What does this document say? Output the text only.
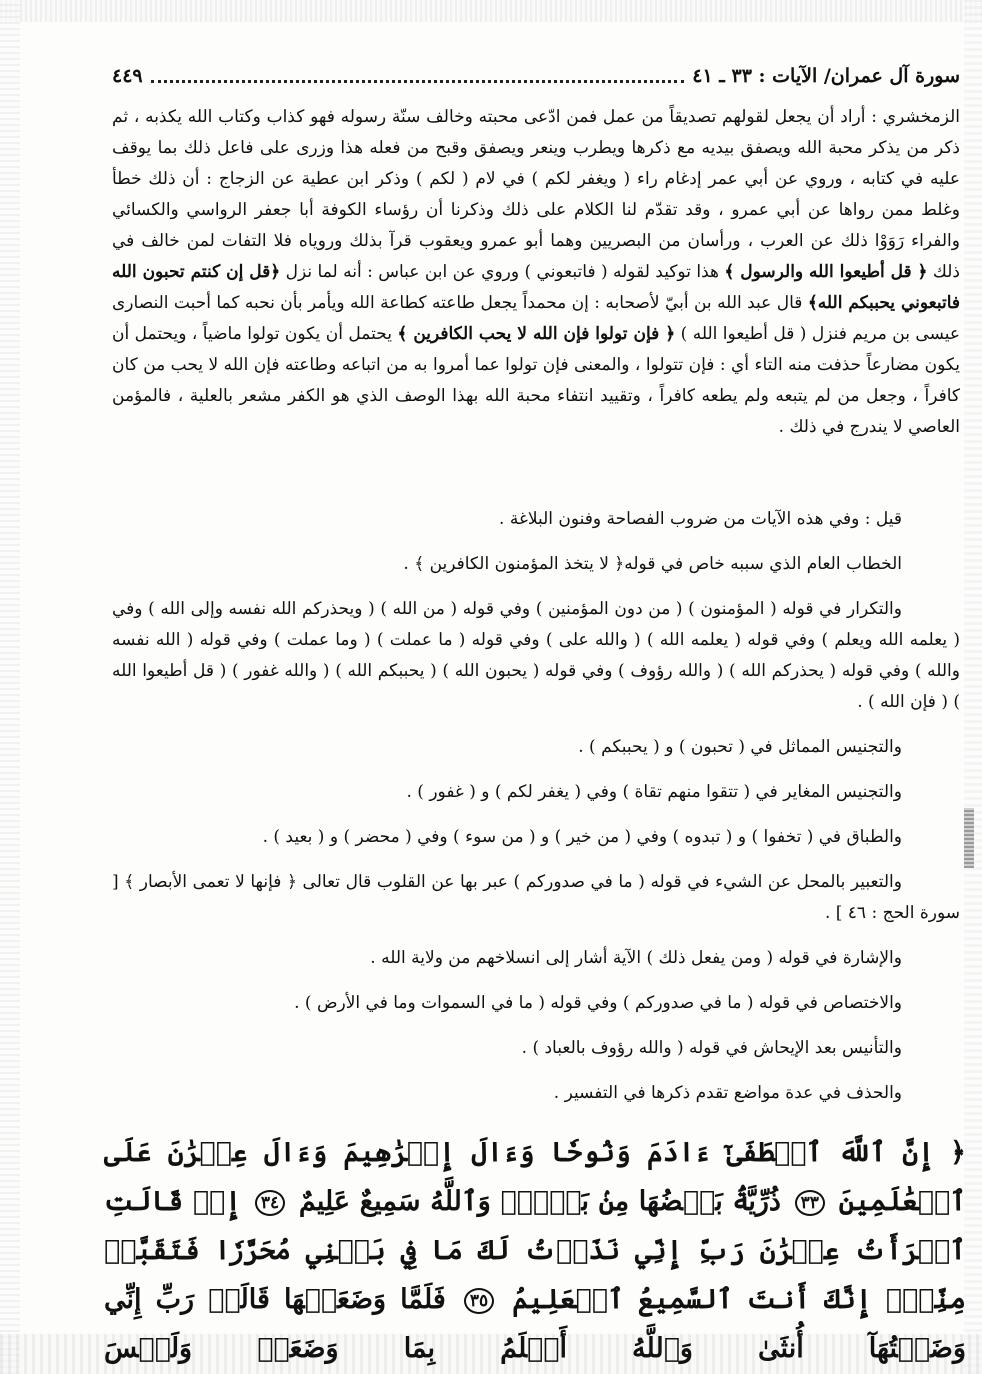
سورة آل عمران/ الآيات : ٣٣ ـ ٤١
٤٤٩

الزمخشري : أراد أن يجعل لقولهم تصديقاً من عمل فمن ادّعى محبته وخالف سنّة رسوله فهو كذاب وكتاب الله يكذبه ، ثم ذكر من يذكر محبة الله ويصفق بيديه مع ذكرها ويطرب وينعر ويصفق وقبح من فعله هذا وزرى على فاعل ذلك بما يوقف عليه في كتابه ، وروي عن أبي عمر إدغام راء ( ويغفر لكم ) في لام ( لكم ) وذكر ابن عطية عن الزجاج : أن ذلك خطأ وغلط ممن رواها عن أبي عمرو ، وقد تقدّم لنا الكلام على ذلك وذكرنا أن رؤساء الكوفة أبا جعفر الرواسي والكسائي والفراء رَوَوْا ذلك عن العرب ، ورأسان من البصريين وهما أبو عمرو ويعقوب قرآ بذلك وروياه فلا التفات لمن خالف في ذلك ﴿ قل أطيعوا الله والرسول ﴾ هذا توكيد لقوله ( فاتبعوني ) وروي عن ابن عباس : أنه لما نزل ﴿قل إن كنتم تحبون الله فاتبعوني يحببكم الله﴾ قال عبد الله بن أبيّ لأصحابه : إن محمداً يجعل طاعته كطاعة الله ويأمر بأن نحبه كما أحبت النصارى عيسى بن مريم فنزل ( قل أطيعوا الله ) ﴿ فإن تولوا فإن الله لا يحب الكافرين ﴾ يحتمل أن يكون تولوا ماضياً ، ويحتمل أن يكون مضارعاً حذفت منه التاء أي : فإن تتولوا ، والمعنى فإن تولوا عما أمروا به من اتباعه وطاعته فإن الله لا يحب من كان كافراً ، وجعل من لم يتبعه ولم يطعه كافراً ، وتقييد انتفاء محبة الله بهذا الوصف الذي هو الكفر مشعر بالعلية ، فالمؤمن العاصي لا يندرج في ذلك .

قيل : وفي هذه الآيات من ضروب الفصاحة وفنون البلاغة .

الخطاب العام الذي سببه خاص في قوله﴿ لا يتخذ المؤمنون الكافرين ﴾ .

والتكرار في قوله ( المؤمنون ) ( من دون المؤمنين ) وفي قوله ( من الله ) ( ويحذركم الله نفسه وإلى الله ) وفي ( يعلمه الله ويعلم ) وفي قوله ( يعلمه الله ) ( والله على ) وفي قوله ( ما عملت ) ( وما عملت ) وفي قوله ( الله نفسه والله ) وفي قوله ( يحذركم الله ) ( والله رؤوف ) وفي قوله ( يحبون الله ) ( يحببكم الله ) ( والله غفور ) ( قل أطيعوا الله ) ( فإن الله ) .

والتجنيس المماثل في ( تحبون ) و ( يحببكم ) .

والتجنيس المغاير في ( تتقوا منهم تقاة ) وفي ( يغفر لكم ) و ( غفور ) .

والطباق في ( تخفوا ) و ( تبدوه ) وفي ( من خير ) و ( من سوء ) وفي ( محضر ) و ( بعيد ) .

والتعبير بالمحل عن الشيء في قوله ( ما في صدوركم ) عبر بها عن القلوب قال تعالى ﴿ فإنها لا تعمى الأبصار ﴾ [ سورة الحج : ٤٦ ] .

والإشارة في قوله ( ومن يفعل ذلك ) الآية أشار إلى انسلاخهم من ولاية الله .

والاختصاص في قوله ( ما في صدوركم ) وفي قوله ( ما في السموات وما في الأرض ) .

والتأنيس بعد الإيحاش في قوله ( والله رؤوف بالعباد ) .

والحذف في عدة مواضع تقدم ذكرها في التفسير .

﴿ إِنَّ ٱللَّهَ ٱصۡطَفَىٰٓ ءَادَمَ وَنُوحٗا وَءَالَ إِبۡرَٰهِيمَ وَءَالَ عِمۡرَٰنَ عَلَى ٱلۡعَٰلَمِينَ ٣٣ ذُرِّيَّةَۢ بَعۡضُهَا مِنۢ بَعۡضٖۗ وَٱللَّهُ سَمِيعٌ عَلِيمٌ ٣٤ إِذۡ قَالَتِ ٱمۡرَأَتُ عِمۡرَٰنَ رَبِّ إِنِّي نَذَرۡتُ لَكَ مَا فِي بَطۡنِي مُحَرَّرٗا فَتَقَبَّلۡ مِنِّيٓۖ إِنَّكَ أَنتَ ٱلسَّمِيعُ ٱلۡعَلِيمُ ٣٥ فَلَمَّا وَضَعَتۡهَا قَالَتۡ رَبِّ إِنِّي وَضَعۡتُهَآ أُنثَىٰ وَٱللَّهُ أَعۡلَمُ بِمَا وَضَعَتۡ وَلَيۡسَ
